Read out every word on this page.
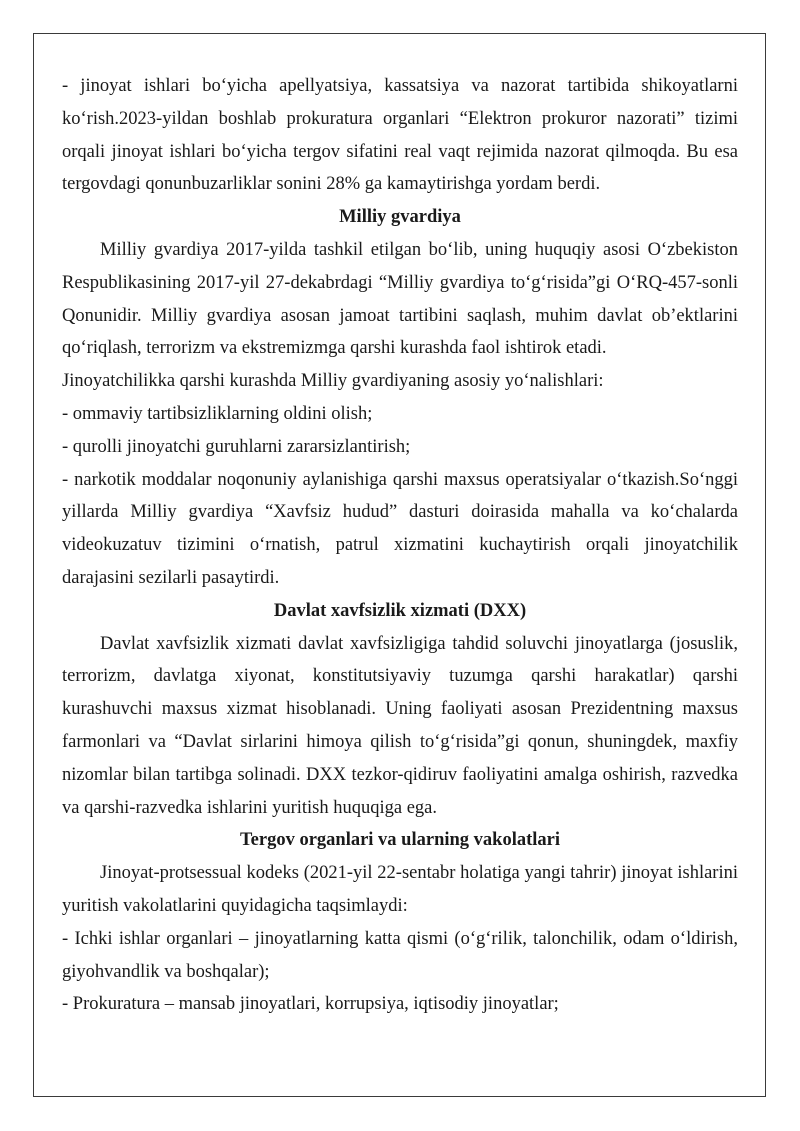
- jinoyat ishlari bo‘yicha apellyatsiya, kassatsiya va nazorat tartibida shikoyatlarni ko‘rish.2023-yildan boshlab prokuratura organlari “Elektron prokuror nazorati” tizimi orqali jinoyat ishlari bo‘yicha tergov sifatini real vaqt rejimida nazorat qilmoqda. Bu esa tergovdagi qonunbuzarliklar sonini 28% ga kamaytirishga yordam berdi.

Milliy gvardiya

Milliy gvardiya 2017-yilda tashkil etilgan bo‘lib, uning huquqiy asosi O‘zbekiston Respublikasining 2017-yil 27-dekabrdagi “Milliy gvardiya to‘g‘risida”gi O‘RQ-457-sonli Qonunidir. Milliy gvardiya asosan jamoat tartibini saqlash, muhim davlat ob’ektlarini qo‘riqlash, terrorizm va ekstremizmga qarshi kurashda faol ishtirok etadi.

Jinoyatchilikka qarshi kurashda Milliy gvardiyaning asosiy yo‘nalishlari:

- ommaviy tartibsizliklarning oldini olish;

- qurolli jinoyatchi guruhlarni zararsizlantirish;

- narkotik moddalar noqonuniy aylanishiga qarshi maxsus operatsiyalar o‘tkazish.So‘nggi yillarda Milliy gvardiya “Xavfsiz hudud” dasturi doirasida mahalla va ko‘chalarda videokuzatuv tizimini o‘rnatish, patrul xizmatini kuchaytirish orqali jinoyatchilik darajasini sezilarli pasaytirdi.

Davlat xavfsizlik xizmati (DXX)

Davlat xavfsizlik xizmati davlat xavfsizligiga tahdid soluvchi jinoyatlarga (josuslik, terrorizm, davlatga xiyonat, konstitutsiyaviy tuzumga qarshi harakatlar) qarshi kurashuvchi maxsus xizmat hisoblanadi. Uning faoliyati asosan Prezidentning maxsus farmonlari va “Davlat sirlarini himoya qilish to‘g‘risida”gi qonun, shuningdek, maxfiy nizomlar bilan tartibga solinadi. DXX tezkor-qidiruv faoliyatini amalga oshirish, razvedka va qarshi-razvedka ishlarini yuritish huquqiga ega.

Tergov organlari va ularning vakolatlari

Jinoyat-protsessual kodeks (2021-yil 22-sentabr holatiga yangi tahrir) jinoyat ishlarini yuritish vakolatlarini quyidagicha taqsimlaydi:

- Ichki ishlar organlari – jinoyatlarning katta qismi (o‘g‘rilik, talonchilik, odam o‘ldirish, giyohvandlik va boshqalar);

- Prokuratura – mansab jinoyatlari, korrupsiya, iqtisodiy jinoyatlar;
